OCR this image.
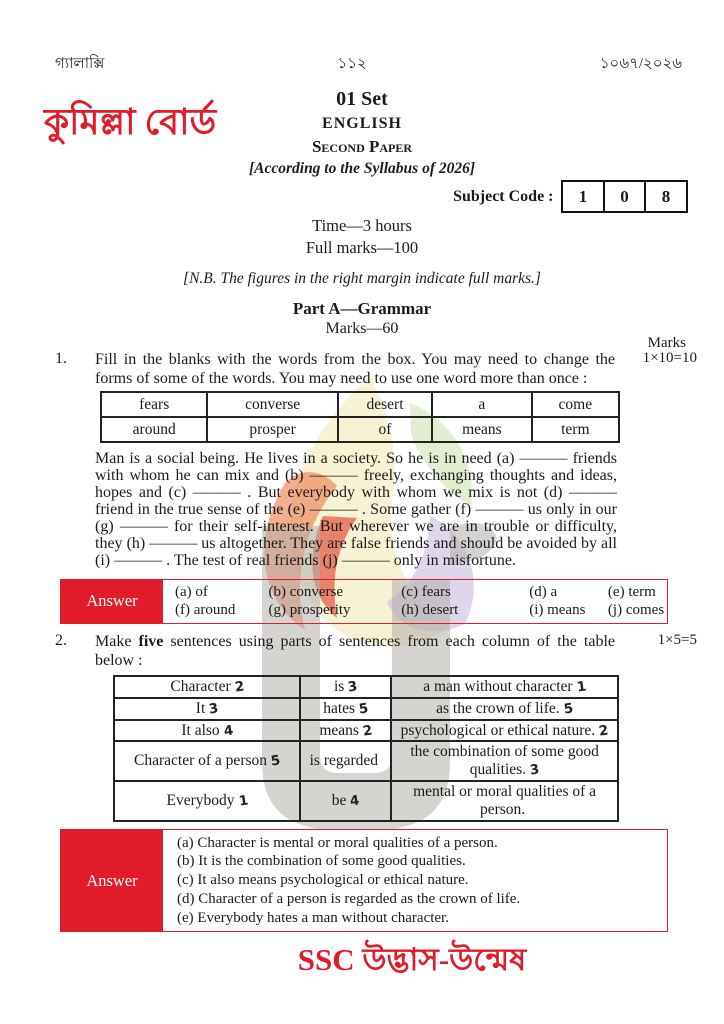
গ্যালাক্সি	১১২	১০৬৭/২০২৬
কুমিল্লা বোর্ড
01 Set
ENGLISH
Second Paper
[According to the Syllabus of 2026]
Subject Code :	1	0	8
Time—3 hours
Full marks—100
[N.B. The figures in the right margin indicate full marks.]
Part A—Grammar
Marks—60
Marks
1.	Fill in the blanks with the words from the box. You may need to change the forms of some of the words. You may need to use one word more than once :
1×10=10
fears	converse	desert	a	come
around	prosper	of	means	term
Man is a social being. He lives in a society. So he is in need (a) ——— friends with whom he can mix and (b) ——— freely, exchanging thoughts and ideas, hopes and (c) ——— . But everybody with whom we mix is not (d) ——— friend in the true sense of the (e) ——— . Some gather (f) ——— us only in our (g) ——— for their self-interest. But wherever we are in trouble or difficulty, they (h) ——— us altogether. They are false friends and should be avoided by all (i) ——— . The test of real friends (j) ——— only in misfortune.
Answer	(a) of	(b) converse	(c) fears	(d) a	(e) term
(f) around	(g) prosperity	(h) desert	(i) means	(j) comes
2.	Make five sentences using parts of sentences from each column of the table below :
1×5=5
Character 2	is 3	a man without character 1
It 3	hates 5	as the crown of life. 5
It also 4	means 2	psychological or ethical nature. 2
Character of a person 5	is regarded	the combination of some good qualities. 3
Everybody 1	be 4	mental or moral qualities of a person.
Answer
(a) Character is mental or moral qualities of a person.
(b) It is the combination of some good qualities.
(c) It also means psychological or ethical nature.
(d) Character of a person is regarded as the crown of life.
(e) Everybody hates a man without character.
SSC উদ্ভাস-উন্মেষ
